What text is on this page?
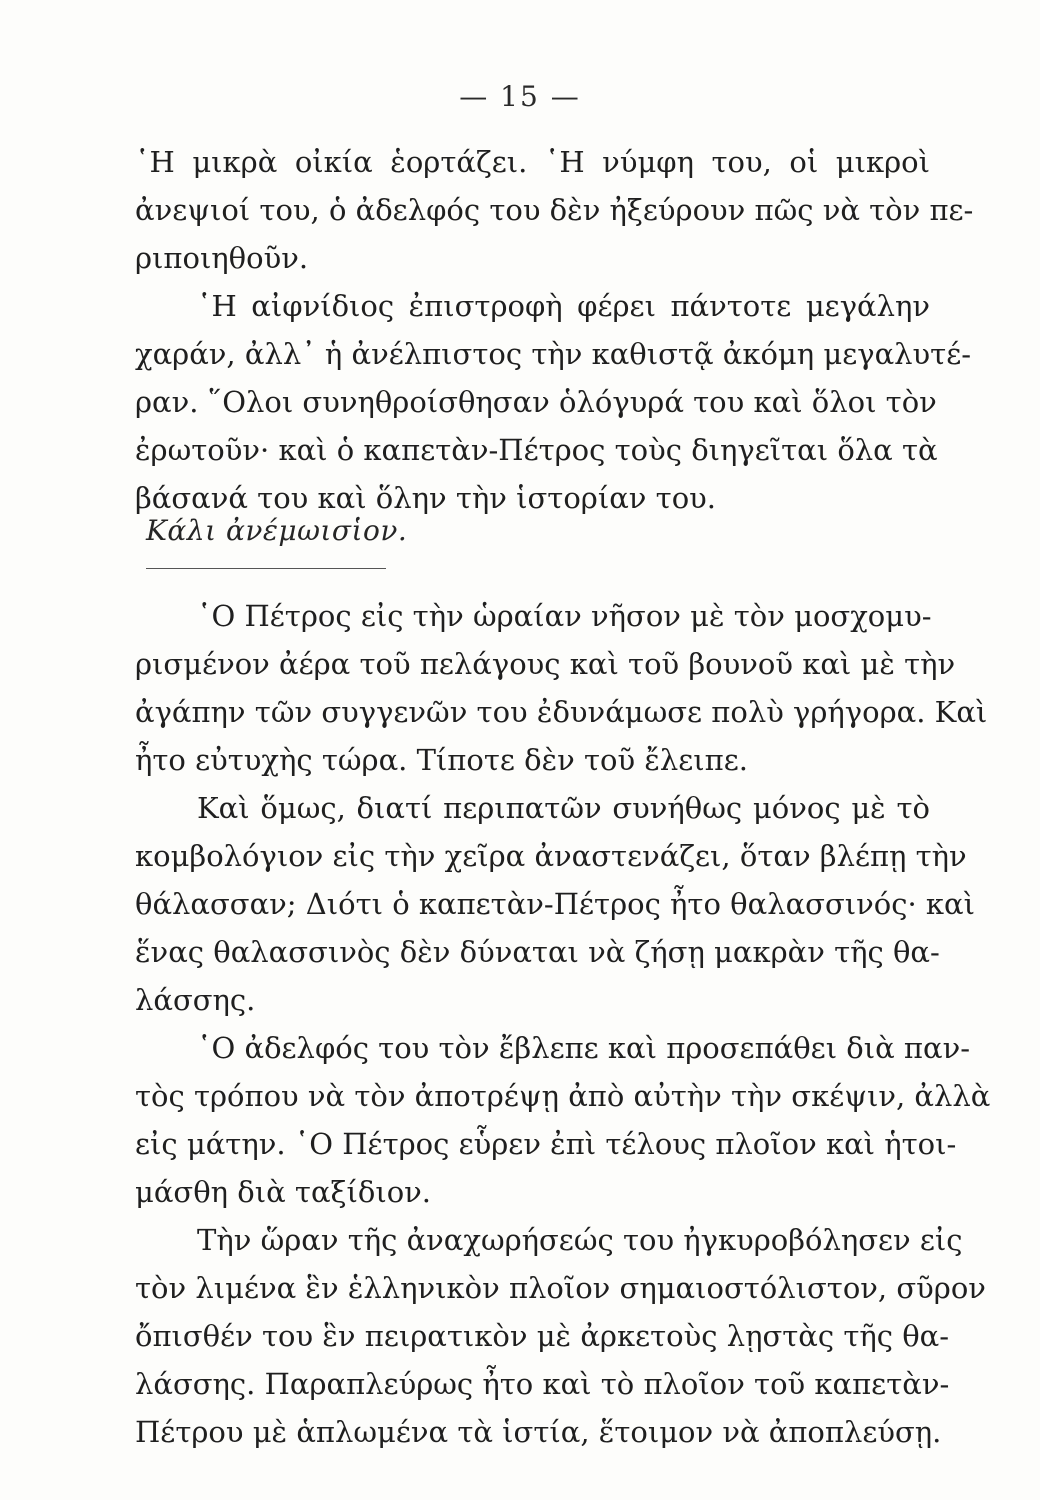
— 15 —
῾Η μικρὰ οἰκία ἑορτάζει. ῾Η νύμφη του, οἱ μικροὶ
ἀνεψιοί του, ὁ ἀδελφός του δὲν ἠξεύρουν πῶς νὰ τὸν πε-
ριποιηθοῦν.
῾Η αἰφνίδιος ἐπιστροφὴ φέρει πάντοτε μεγάλην
χαράν, ἀλλ᾽ ἡ ἀνέλπιστος τὴν καθιστᾷ ἀκόμη μεγαλυτέ-
ραν. ῞Ολοι συνηθροίσθησαν ὁλόγυρά του καὶ ὅλοι τὸν
ἐρωτοῦν· καὶ ὁ καπετὰν-Πέτρος τοὺς διηγεῖται ὅλα τὰ
βάσανά του καὶ ὅλην τὴν ἱστορίαν του.
Κάλι ἀνέμωισἱον.
῾Ο Πέτρος εἰς τὴν ὡραίαν νῆσον μὲ τὸν μοσχομυ-
ρισμένον ἀέρα τοῦ πελάγους καὶ τοῦ βουνοῦ καὶ μὲ τὴν
ἀγάπην τῶν συγγενῶν του ἐδυνάμωσε πολὺ γρήγορα. Καὶ
ἦτο εὐτυχὴς τώρα. Τίποτε δὲν τοῦ ἔλειπε.
Καὶ ὅμως, διατί περιπατῶν συνήθως μόνος μὲ τὸ
κομβολόγιον εἰς τὴν χεῖρα ἀναστενάζει, ὅταν βλέπῃ τὴν
θάλασσαν; Διότι ὁ καπετὰν-Πέτρος ἦτο θαλασσινός· καὶ
ἕνας θαλασσινὸς δὲν δύναται νὰ ζήσῃ μακρὰν τῆς θα-
λάσσης.
῾Ο ἀδελφός του τὸν ἔβλεπε καὶ προσεπάθει διὰ παν-
τὸς τρόπου νὰ τὸν ἀποτρέψῃ ἀπὸ αὐτὴν τὴν σκέψιν, ἀλλὰ
εἰς μάτην. ῾Ο Πέτρος εὗρεν ἐπὶ τέλους πλοῖον καὶ ἡτοι-
μάσθη διὰ ταξίδιον.
Τὴν ὥραν τῆς ἀναχωρήσεώς του ἠγκυροβόλησεν εἰς
τὸν λιμένα ἓν ἑλληνικὸν πλοῖον σημαιοστόλιστον, σῦρον
ὄπισθέν του ἓν πειρατικὸν μὲ ἀρκετοὺς λῃστὰς τῆς θα-
λάσσης. Παραπλεύρως ἦτο καὶ τὸ πλοῖον τοῦ καπετὰν-
Πέτρου μὲ ἁπλωμένα τὰ ἱστία, ἕτοιμον νὰ ἀποπλεύσῃ.
